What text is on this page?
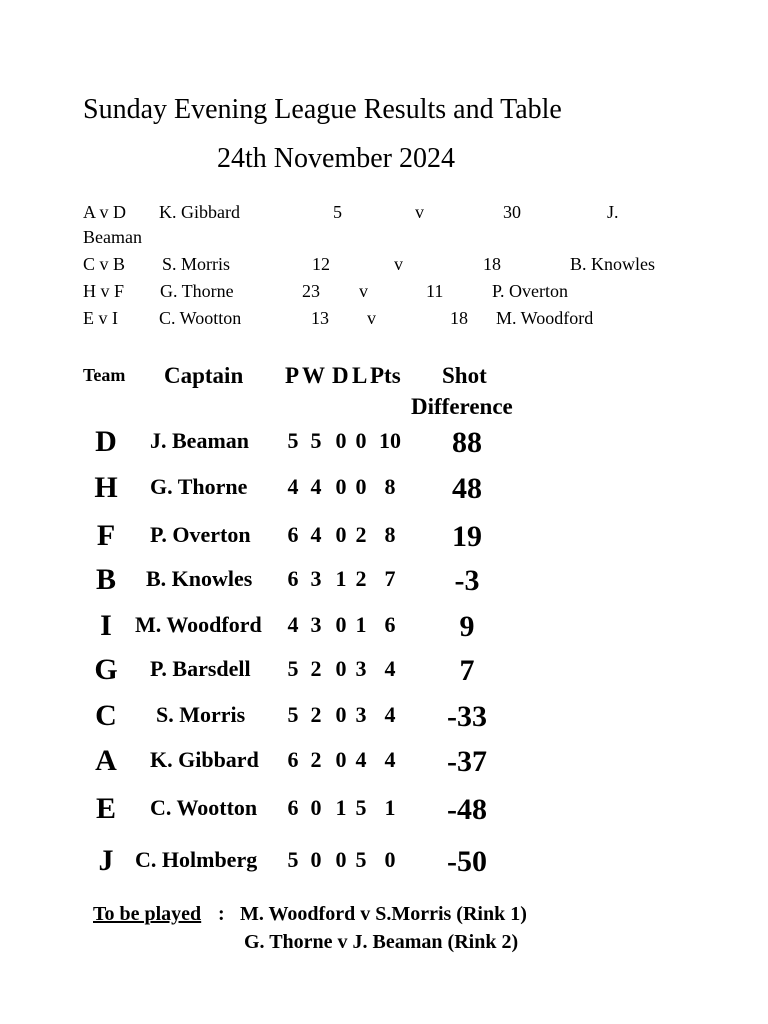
Sunday Evening League Results and Table
24th November 2024
A v D K. Gibbard	5	v	30	J.
Beaman
C v B S. Morris	12	v	18	B. Knowles
H v F G. Thorne	23 v	11	P. Overton
E v I C. Wootton	13 v	18 M. Woodford
Team Captain P W D L Pts Shot
Difference
D	J. Beaman 5 5 0 0 10	88
H	G. Thorne 4 4 0 0 8	48
F	P. Overton 6 4 0 2 8	19
B	B. Knowles 6 3 1 2 7	-3
I	M. Woodford 4 3 0 1 6	9
G	P. Barsdell 5 2 0 3 4	7
C	S. Morris 5 2 0 3 4	-33
A	K. Gibbard 6 2 0 4 4	-37
E	C. Wootton 6 0 1 5 1	-48
J C. Holmberg 5 0 0 5 0	-50
To be played : M. Woodford v S.Morris (Rink 1)
G. Thorne v J. Beaman (Rink 2)
